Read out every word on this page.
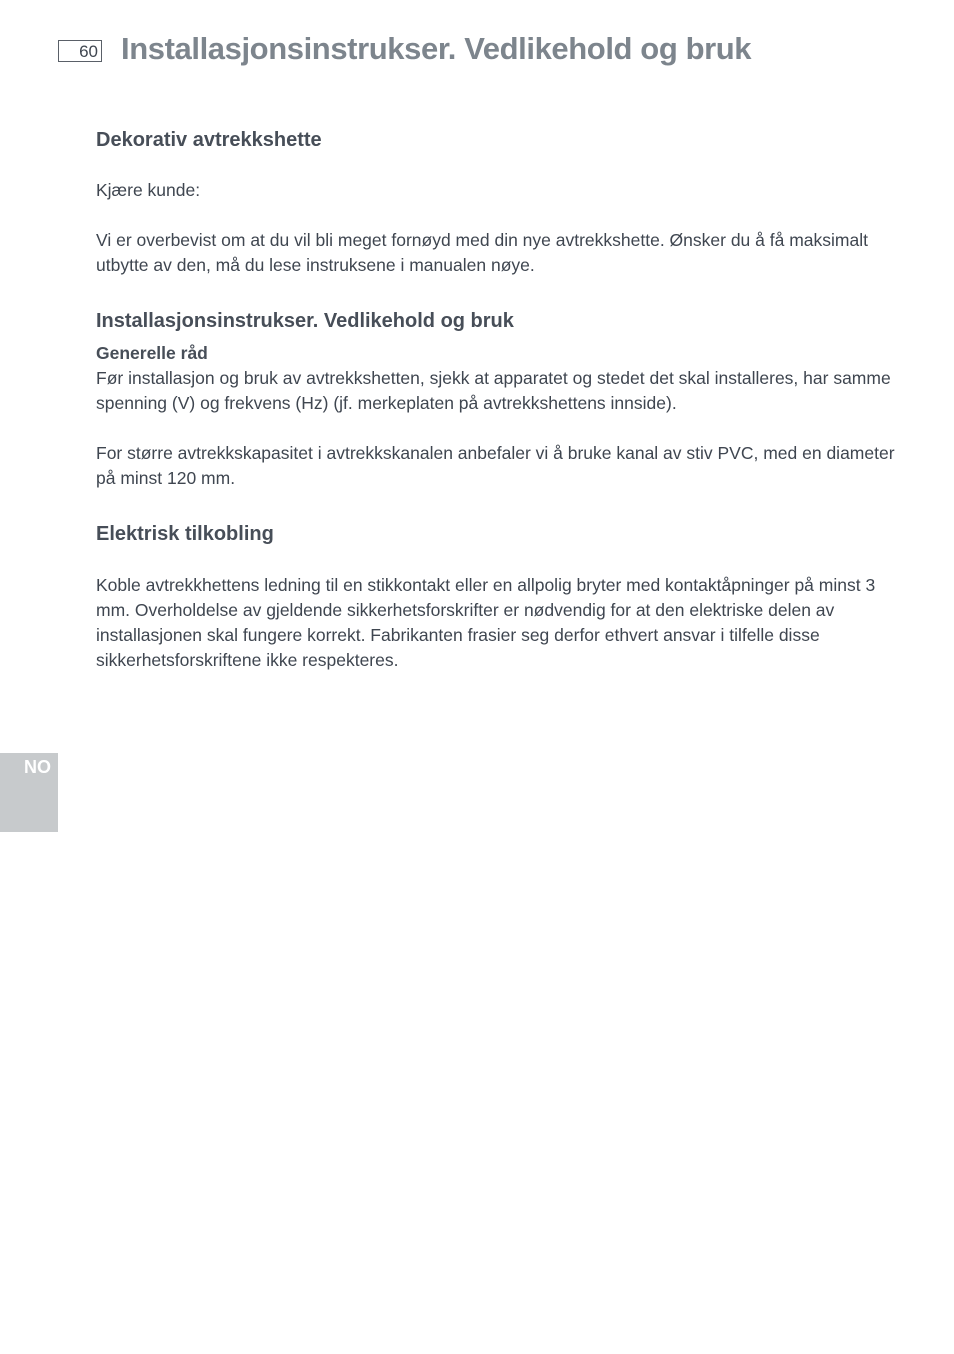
60 Installasjonsinstrukser. Vedlikehold og bruk
Dekorativ avtrekkshette

Kjære kunde:

Vi er overbevist om at du vil bli meget fornøyd med din nye avtrekkshette. Ønsker du å få maksimalt utbytte av den, må du lese instruksene i manualen nøye.

Installasjonsinstrukser. Vedlikehold og bruk

Generelle råd

Før installasjon og bruk av avtrekkshetten, sjekk at apparatet og stedet det skal installeres, har samme spenning (V) og frekvens (Hz) (jf. merkeplaten på avtrekkshettens innside).

For større avtrekkskapasitet i avtrekkskanalen anbefaler vi å bruke kanal av stiv PVC, med en diameter på minst 120 mm.

Elektrisk tilkobling

Koble avtrekkhettens ledning til en stikkontakt eller en allpolig bryter med kontaktåpninger på minst 3 mm. Overholdelse av gjeldende sikkerhetsforskrifter er nødvendig for at den elektriske delen av installasjonen skal fungere korrekt. Fabrikanten frasier seg derfor ethvert ansvar i tilfelle disse sikkerhetsforskriftene ikke respekteres.

NO
